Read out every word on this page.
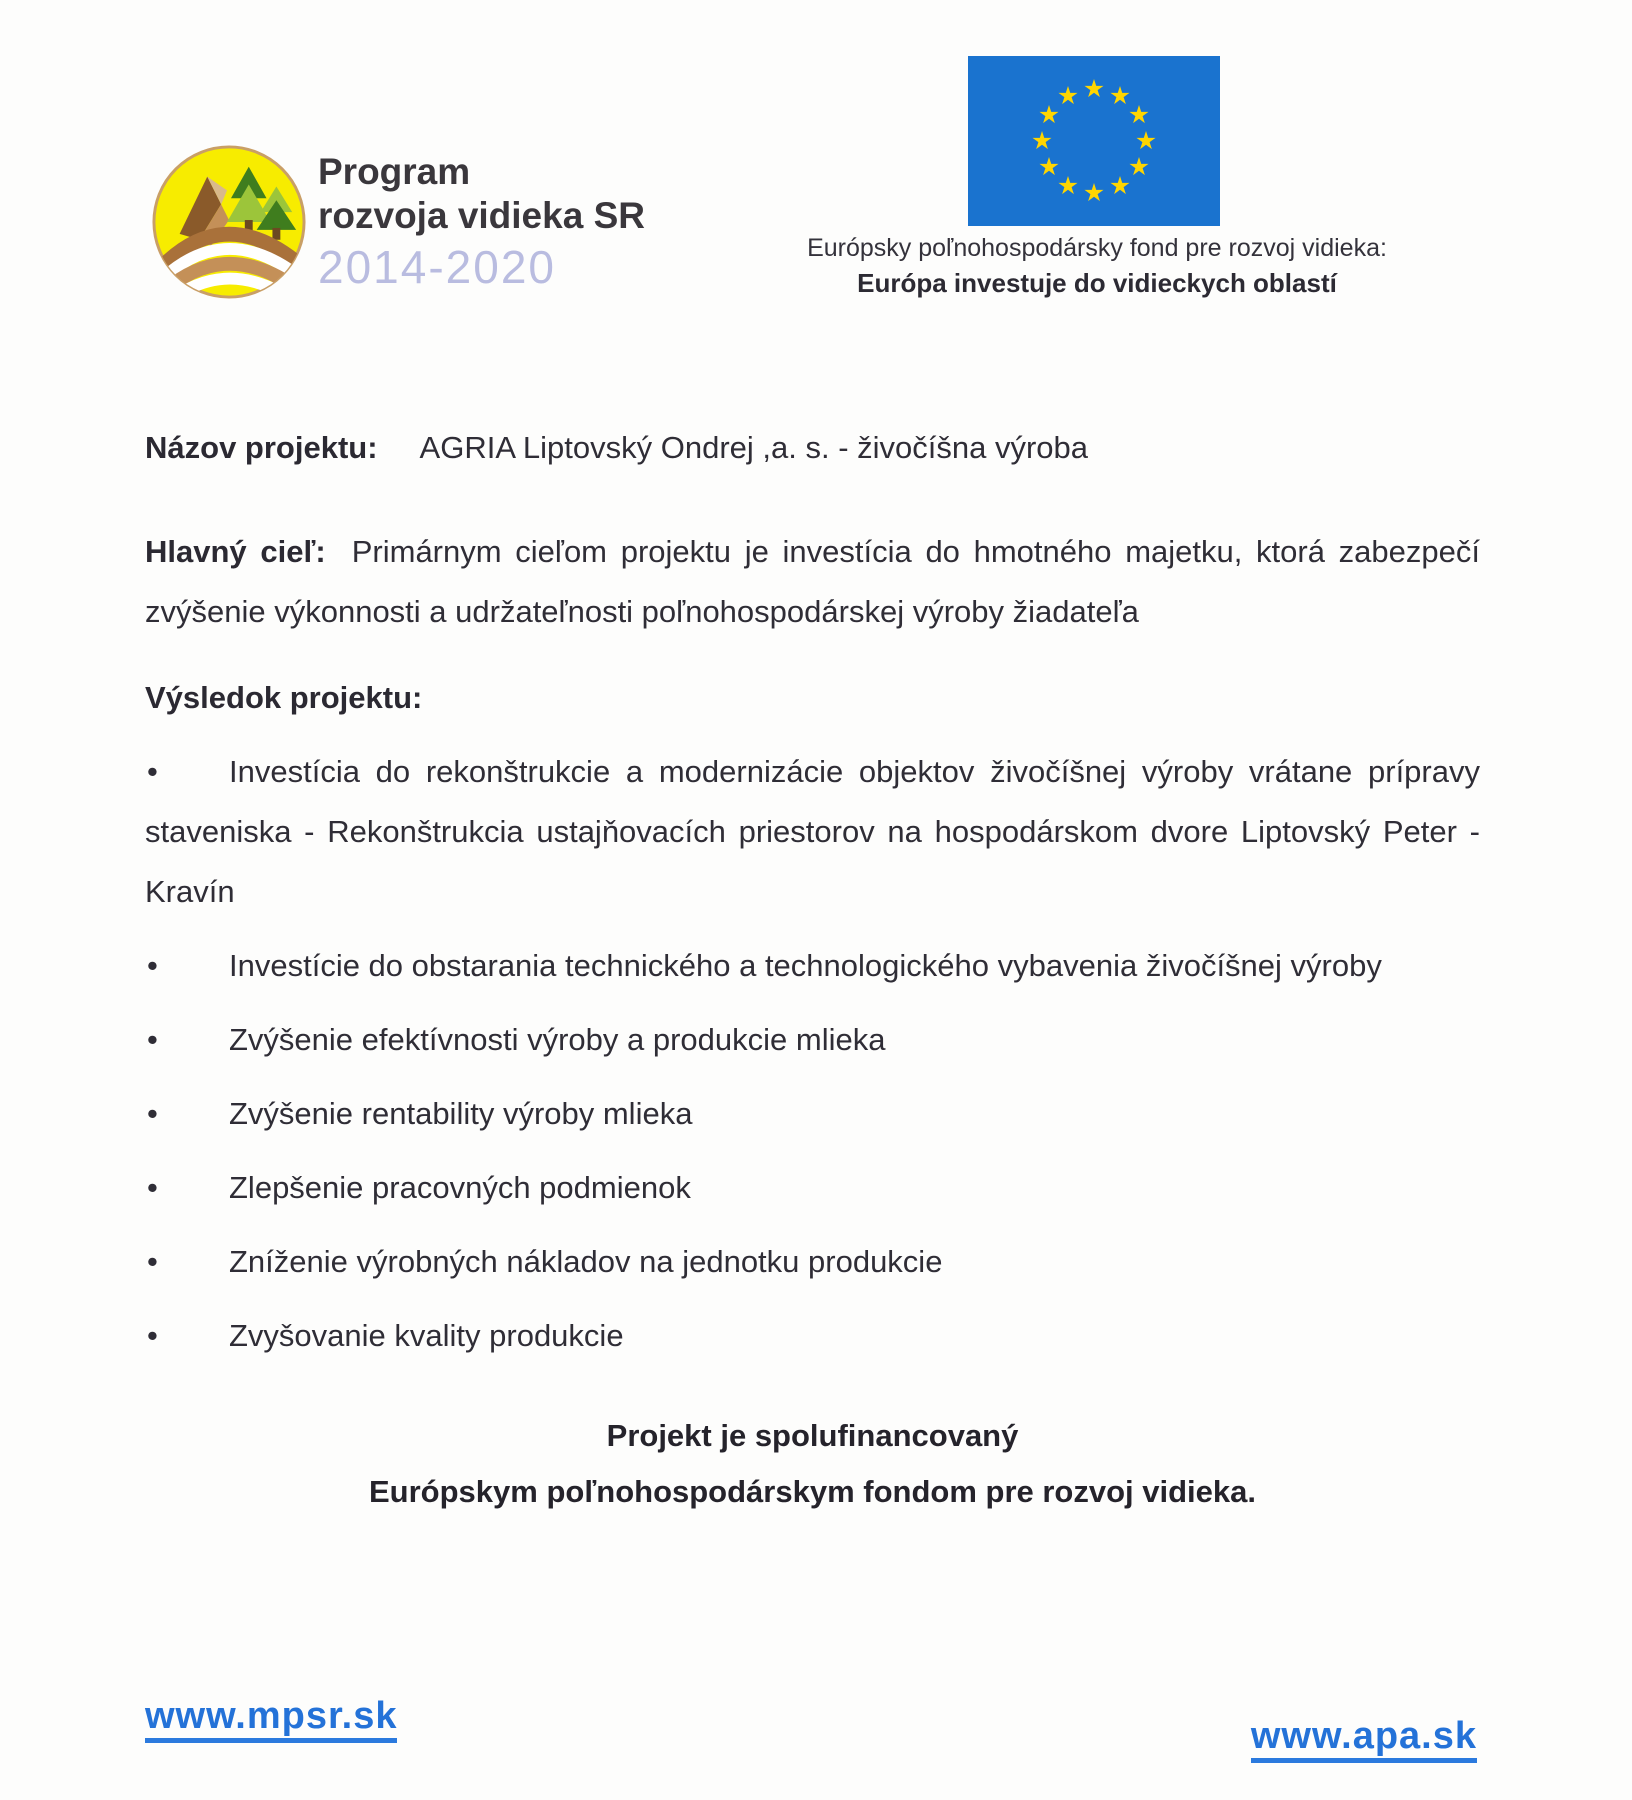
Program
rozvoja vidieka SR
2014-2020	Európsky poľnohospodársky fond pre rozvoj vidieka:
Európa investuje do vidieckych oblastí
Názov projektu: AGRIA Liptovský Ondrej ,a. s. - živočíšna výroba

Hlavný cieľ: Primárnym cieľom projektu je investícia do hmotného majetku, ktorá zabezpečí zvýšenie výkonnosti a udržateľnosti poľnohospodárskej výroby žiadateľa

Výsledok projektu:
• Investícia do rekonštrukcie a modernizácie objektov živočíšnej výroby vrátane prípravy staveniska - Rekonštrukcia ustajňovacích priestorov na hospodárskom dvore Liptovský Peter - Kravín
• Investície do obstarania technického a technologického vybavenia živočíšnej výroby
• Zvýšenie efektívnosti výroby a produkcie mlieka
• Zvýšenie rentability výroby mlieka
• Zlepšenie pracovných podmienok
• Zníženie výrobných nákladov na jednotku produkcie
• Zvyšovanie kvality produkcie
Projekt je spolufinancovaný
Európskym poľnohospodárskym fondom pre rozvoj vidieka.
www.mpsr.sk	www.apa.sk
